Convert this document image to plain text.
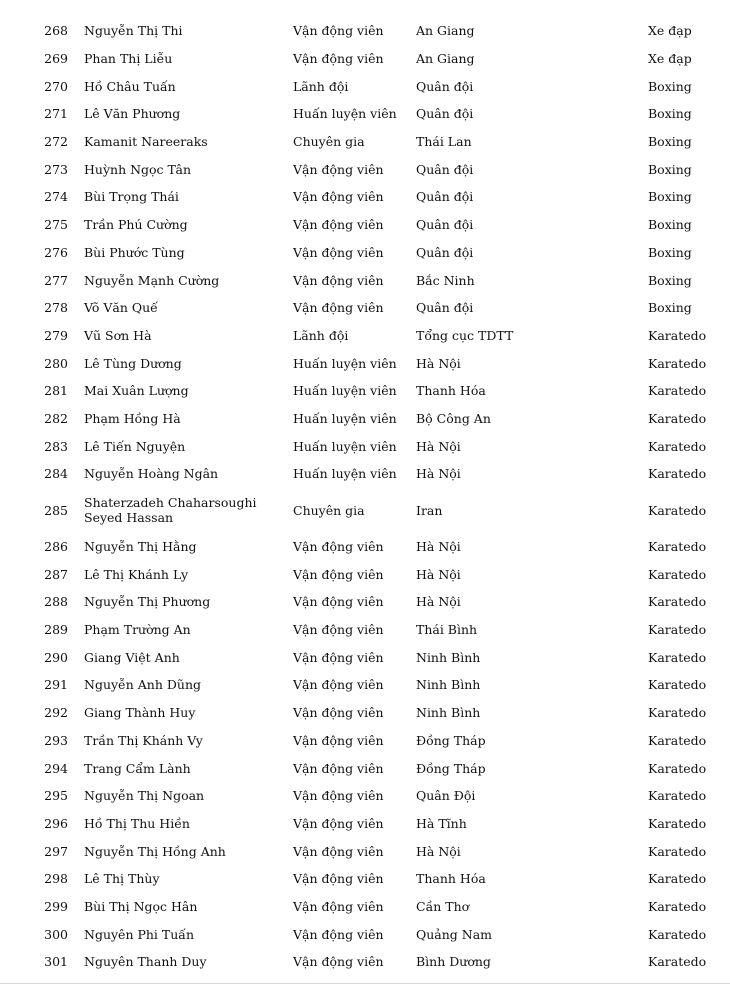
268 Nguyễn Thị Thi	Vận động viên	An Giang	Xe đạp
269 Phan Thị Liễu	Vận động viên	An Giang	Xe đạp
270 Hồ Châu Tuấn	Lãnh đội	Quân đội	Boxing
271 Lê Văn Phương	Huấn luyện viên	Quân đội	Boxing
272 Kamanit Nareeraks	Chuyên gia	Thái Lan	Boxing
273 Huỳnh Ngọc Tân	Vận động viên	Quân đội	Boxing
274 Bùi Trọng Thái	Vận động viên	Quân đội	Boxing
275 Trần Phú Cường	Vận động viên	Quân đội	Boxing
276 Bùi Phước Tùng	Vận động viên	Quân đội	Boxing
277 Nguyễn Mạnh Cường	Vận động viên	Bắc Ninh	Boxing
278 Võ Văn Quế	Vận động viên	Quân đội	Boxing
279 Vũ Sơn Hà	Lãnh đội	Tổng cục TDTT	Karatedo
280 Lê Tùng Dương	Huấn luyện viên	Hà Nội	Karatedo
281 Mai Xuân Lượng	Huấn luyện viên	Thanh Hóa	Karatedo
282 Phạm Hồng Hà	Huấn luyện viên	Bộ Công An	Karatedo
283 Lê Tiến Nguyện	Huấn luyện viên	Hà Nội	Karatedo
284 Nguyễn Hoàng Ngân	Huấn luyện viên	Hà Nội	Karatedo
285 Shaterzadeh Chaharsoughi Seyed Hassan	Chuyên gia	Iran	Karatedo
286 Nguyễn Thị Hằng	Vận động viên	Hà Nội	Karatedo
287 Lê Thị Khánh Ly	Vận động viên	Hà Nội	Karatedo
288 Nguyễn Thị Phương	Vận động viên	Hà Nội	Karatedo
289 Phạm Trường An	Vận động viên	Thái Bình	Karatedo
290 Giang Việt Anh	Vận động viên	Ninh Bình	Karatedo
291 Nguyễn Anh Dũng	Vận động viên	Ninh Bình	Karatedo
292 Giang Thành Huy	Vận động viên	Ninh Bình	Karatedo
293 Trần Thị Khánh Vy	Vận động viên	Đồng Tháp	Karatedo
294 Trang Cẩm Lành	Vận động viên	Đồng Tháp	Karatedo
295 Nguyễn Thị Ngoan	Vận động viên	Quân Đội	Karatedo
296 Hồ Thị Thu Hiền	Vận động viên	Hà Tĩnh	Karatedo
297 Nguyễn Thị Hồng Anh	Vận động viên	Hà Nội	Karatedo
298 Lê Thị Thùy	Vận động viên	Thanh Hóa	Karatedo
299 Bùi Thị Ngọc Hân	Vận động viên	Cần Thơ	Karatedo
300 Nguyên Phi Tuấn	Vận động viên	Quảng Nam	Karatedo
301 Nguyên Thanh Duy	Vận động viên	Bình Dương	Karatedo
